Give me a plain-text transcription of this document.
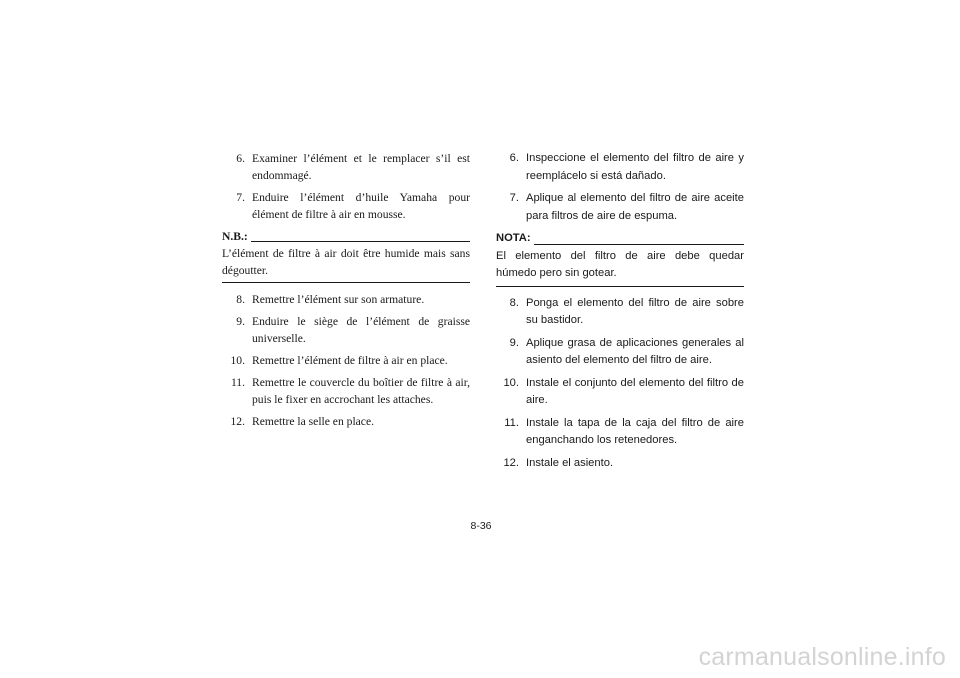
6. Examiner l’élément et le remplacer s’il est endommagé.
7. Enduire l’élément d’huile Yamaha pour élément de filtre à air en mousse.
N.B.:
L’élément de filtre à air doit être humide mais sans dégoutter.
8. Remettre l’élément sur son armature.
9. Enduire le siège de l’élément de graisse universelle.
10. Remettre l’élément de filtre à air en place.
11. Remettre le couvercle du boîtier de filtre à air, puis le fixer en accrochant les attaches.
12. Remettre la selle en place.
6. Inspeccione el elemento del filtro de aire y reemplácelo si está dañado.
7. Aplique al elemento del filtro de aire aceite para filtros de aire de espuma.
NOTA:
El elemento del filtro de aire debe quedar húmedo pero sin gotear.
8. Ponga el elemento del filtro de aire sobre su bastidor.
9. Aplique grasa de aplicaciones generales al asiento del elemento del filtro de aire.
10. Instale el conjunto del elemento del filtro de aire.
11. Instale la tapa de la caja del filtro de aire enganchando los retenedores.
12. Instale el asiento.
8-36
carmanualsonline.info
